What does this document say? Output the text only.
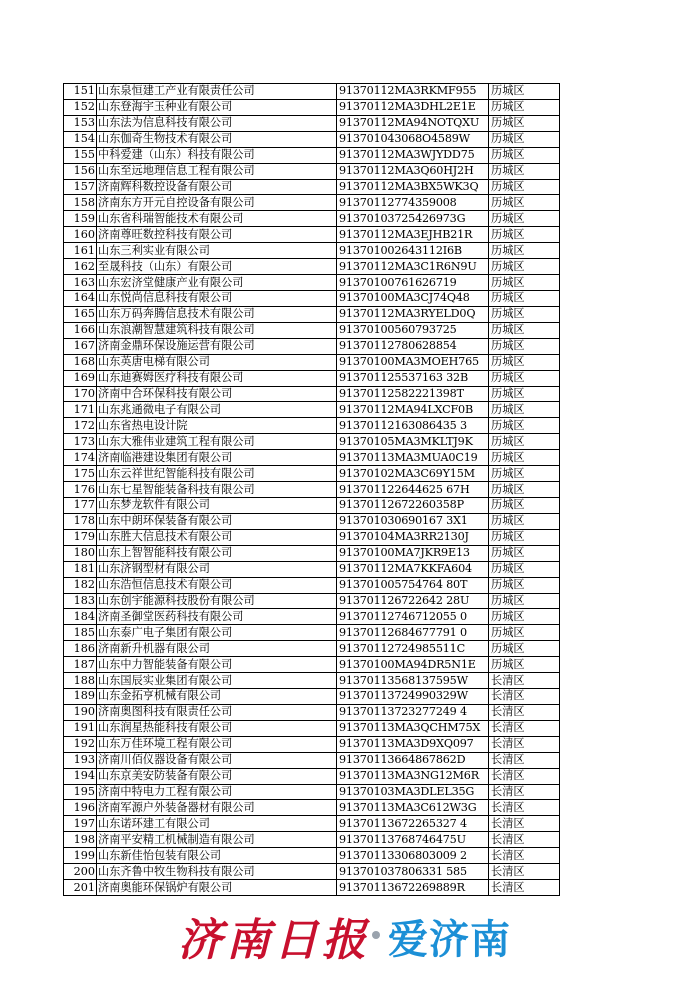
151	山东泉恒建工产业有限责任公司	91370112MA3RKMF955	历城区
152	山东登海宇玉种业有限公司	91370112MA3DHL2E1E	历城区
153	山东法为信息科技有限公司	91370112MA94NOTQXU	历城区
154	山东伽奇生物技术有限公司	913701043068O4589W	历城区
155	中科爱建（山东）科技有限公司	91370112MA3WJYDD75	历城区
156	山东至远地理信息工程有限公司	91370112MA3Q60HJ2H	历城区
157	济南辉科数控设备有限公司	91370112MA3BX5WK3Q	历城区
158	济南东方开元自控设备有限公司	91370112774359008	历城区
159	山东省科瑞智能技术有限公司	91370103725426973G	历城区
160	济南尊旺数控科技有限公司	91370112MA3EJHB21R	历城区
161	山东三利实业有限公司	913701002643112I6B	历城区
162	至晟科技（山东）有限公司	91370112MA3C1R6N9U	历城区
163	山东宏济堂健康产业有限公司	91370100761626719	历城区
164	山东悦尚信息科技有限公司	91370100MA3CJ74Q48	历城区
165	山东万码奔腾信息技术有限公司	91370112MA3RYELD0Q	历城区
166	山东浪潮智慧建筑科技有限公司	91370100560793725	历城区
167	济南金鼎环保设施运营有限公司	91370112780628854	历城区
168	山东英唐电梯有限公司	91370100MA3MOEH765	历城区
169	山东迪赛姆医疗科技有限公司	913701125537163 32B	历城区
170	济南中合环保科技有限公司	91370112582221398T	历城区
171	山东兆通微电子有限公司	91370112MA94LXCF0B	历城区
172	山东省热电设计院	91370112163086435 3	历城区
173	山东大雅伟业建筑工程有限公司	91370105MA3MKLTJ9K	历城区
174	济南临港建设集团有限公司	91370113MA3MUA0C19	历城区
175	山东云祥世纪智能科技有限公司	91370102MA3C69Y15M	历城区
176	山东七星智能装备科技有限公司	913701122644625 67H	历城区
177	山东梦龙软件有限公司	91370112672260358P	历城区
178	山东中朗环保装备有限公司	913701030690167 3X1	历城区
179	山东胜大信息技术有限公司	91370104MA3RR2130J	历城区
180	山东上智智能科技有限公司	91370100MA7JKR9E13	历城区
181	山东济钢型材有限公司	91370112MA7KKFA604	历城区
182	山东浩恒信息技术有限公司	913701005754764 80T	历城区
183	山东创宇能源科技股份有限公司	913701126722642 28U	历城区
184	济南圣御堂医药科技有限公司	91370112746712055 0	历城区
185	山东泰广电子集团有限公司	91370112684677791 0	历城区
186	济南新升机器有限公司	91370112724985511C	历城区
187	山东中力智能装备有限公司	91370100MA94DR5N1E	历城区
188	山东国辰实业集团有限公司	91370113568137595W	长清区
189	山东金拓亨机械有限公司	91370113724990329W	长清区
190	济南奥图科技有限责任公司	91370113723277249 4	长清区
191	山东润星热能科技有限公司	91370113MA3QCHM75X	长清区
192	山东万佳环境工程有限公司	91370113MA3D9XQ097	长清区
193	济南川佰仪器设备有限公司	91370113664867862D	长清区
194	山东京美安防装备有限公司	91370113MA3NG12M6R	长清区
195	济南中特电力工程有限公司	91370103MA3DLEL35G	长清区
196	济南军源户外装备器材有限公司	91370113MA3C612W3G	长清区
197	山东诺环建工有限公司	91370113672265327 4	长清区
198	济南平安精工机械制造有限公司	91370113768746475U	长清区
199	山东新佳怡包装有限公司	91370113306803009 2	长清区
200	山东齐鲁中牧生物科技有限公司	913701037806331 585	长清区
201	济南奥能环保锅炉有限公司	91370113672269889R	长清区
济南日报 爱济南
